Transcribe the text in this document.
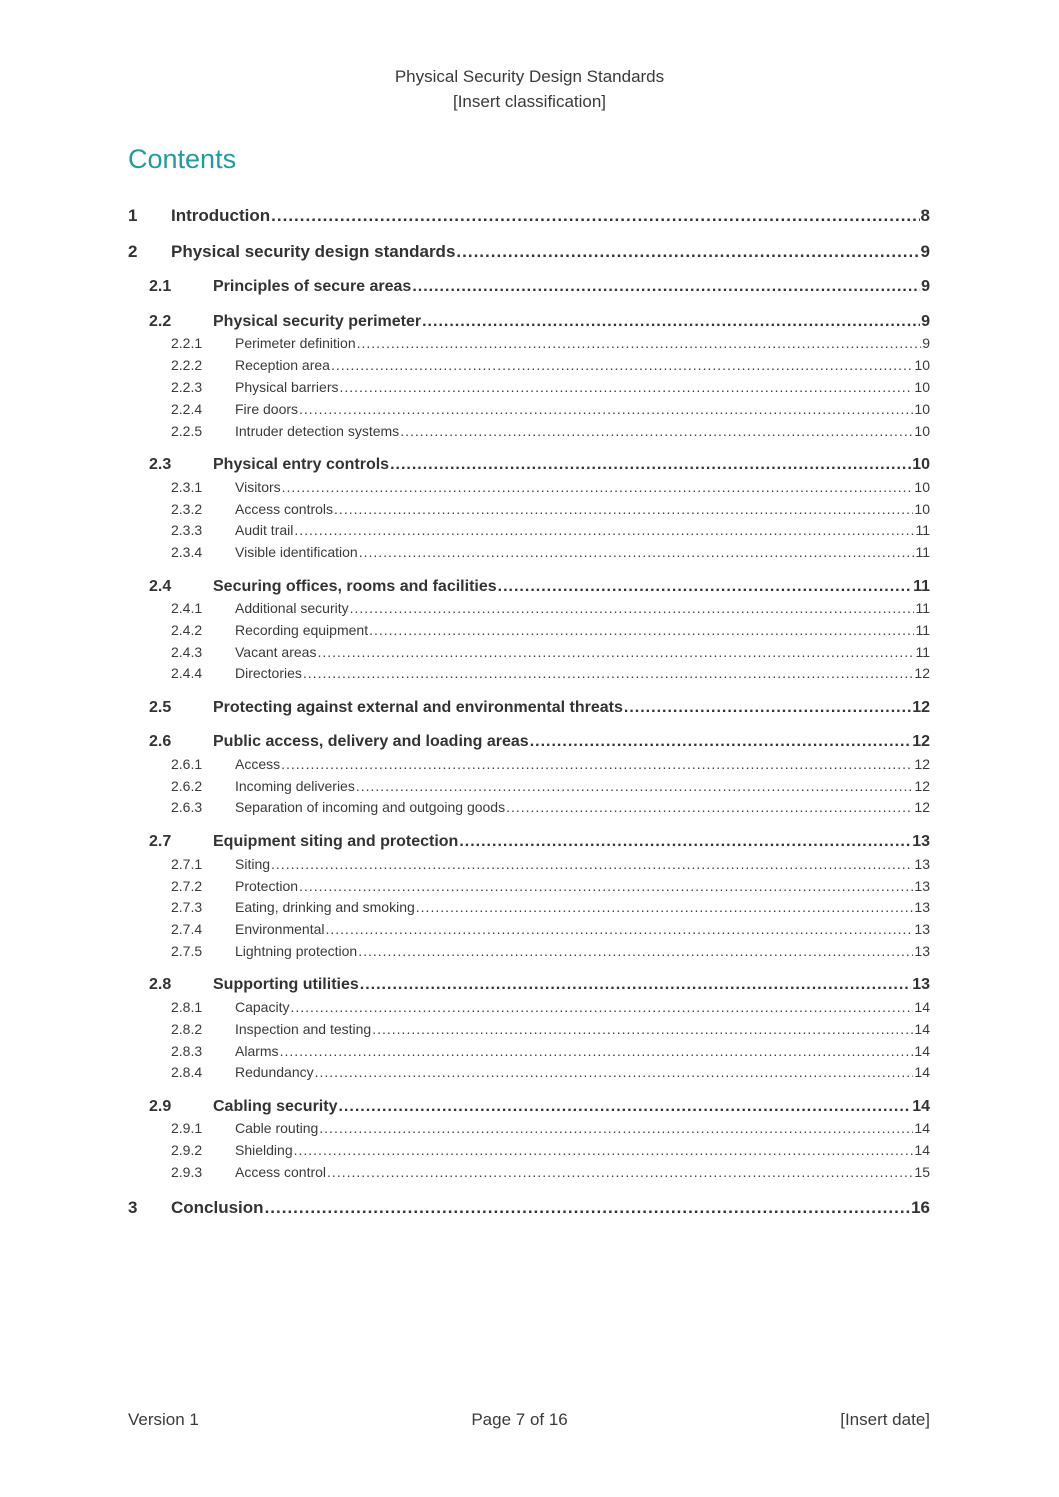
Physical Security Design Standards
[Insert classification]
Contents
1	Introduction .....	8
2	Physical security design standards .....	9
2.1	Principles of secure areas .....	9
2.2	Physical security perimeter .....	9
2.2.1	Perimeter definition .....	9
2.2.2	Reception area .....	10
2.2.3	Physical barriers .....	10
2.2.4	Fire doors .....	10
2.2.5	Intruder detection systems .....	10
2.3	Physical entry controls .....	10
2.3.1	Visitors .....	10
2.3.2	Access controls .....	10
2.3.3	Audit trail .....	11
2.3.4	Visible identification .....	11
2.4	Securing offices, rooms and facilities .....	11
2.4.1	Additional security .....	11
2.4.2	Recording equipment .....	11
2.4.3	Vacant areas .....	11
2.4.4	Directories .....	12
2.5	Protecting against external and environmental threats .....	12
2.6	Public access, delivery and loading areas .....	12
2.6.1	Access .....	12
2.6.2	Incoming deliveries .....	12
2.6.3	Separation of incoming and outgoing goods .....	12
2.7	Equipment siting and protection .....	13
2.7.1	Siting .....	13
2.7.2	Protection .....	13
2.7.3	Eating, drinking and smoking .....	13
2.7.4	Environmental .....	13
2.7.5	Lightning protection .....	13
2.8	Supporting utilities .....	13
2.8.1	Capacity .....	14
2.8.2	Inspection and testing .....	14
2.8.3	Alarms .....	14
2.8.4	Redundancy .....	14
2.9	Cabling security .....	14
2.9.1	Cable routing .....	14
2.9.2	Shielding .....	14
2.9.3	Access control .....	15
3	Conclusion .....	16
Version 1	Page 7 of 16	[Insert date]
